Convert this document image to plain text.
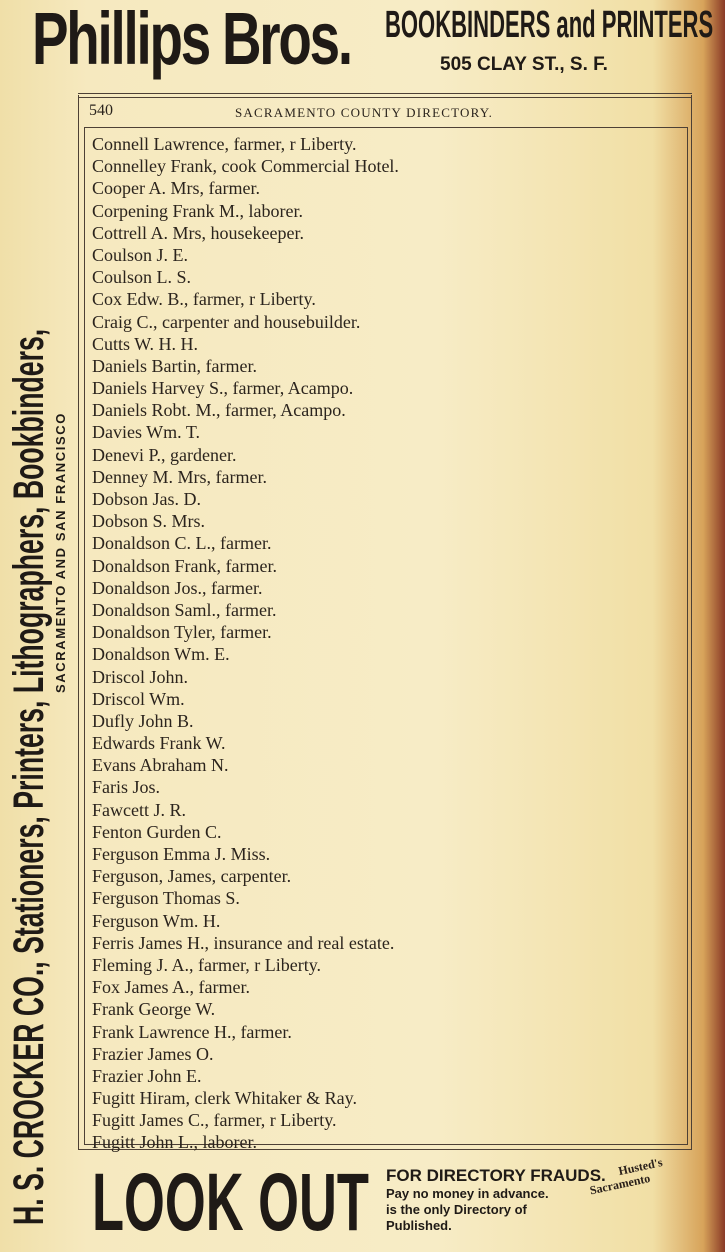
Phillips Bros. BOOKBINDERS and PRINTERS
505 CLAY ST., S. F.
H. S. CROCKER CO., Stationers, Printers, Lithographers, Bookbinders, SACRAMENTO AND SAN FRANCISCO
540	SACRAMENTO COUNTY DIRECTORY.
Connell Lawrence, farmer, r Liberty.
Connelley Frank, cook Commercial Hotel.
Cooper A. Mrs, farmer.
Corpening Frank M., laborer.
Cottrell A. Mrs, housekeeper.
Coulson J. E.
Coulson L. S.
Cox Edw. B., farmer, r Liberty.
Craig C., carpenter and housebuilder.
Cutts W. H. H.
Daniels Bartin, farmer.
Daniels Harvey S., farmer, Acampo.
Daniels Robt. M., farmer, Acampo.
Davies Wm. T.
Denevi P., gardener.
Denney M. Mrs, farmer.
Dobson Jas. D.
Dobson S. Mrs.
Donaldson C. L., farmer.
Donaldson Frank, farmer.
Donaldson Jos., farmer.
Donaldson Saml., farmer.
Donaldson Tyler, farmer.
Donaldson Wm. E.
Driscol John.
Driscol Wm.
Dufly John B.
Edwards Frank W.
Evans Abraham N.
Faris Jos.
Fawcett J. R.
Fenton Gurden C.
Ferguson Emma J. Miss.
Ferguson, James, carpenter.
Ferguson Thomas S.
Ferguson Wm. H.
Ferris James H., insurance and real estate.
Fleming J. A., farmer, r Liberty.
Fox James A., farmer.
Frank George W.
Frank Lawrence H., farmer.
Frazier James O.
Frazier John E.
Fugitt Hiram, clerk Whitaker & Ray.
Fugitt James C., farmer, r Liberty.
Fugitt John L., laborer.
LOOK OUT FOR DIRECTORY FRAUDS.
Pay no money in advance.
is the only Directory of
Published.
Husted's
Sacramento
